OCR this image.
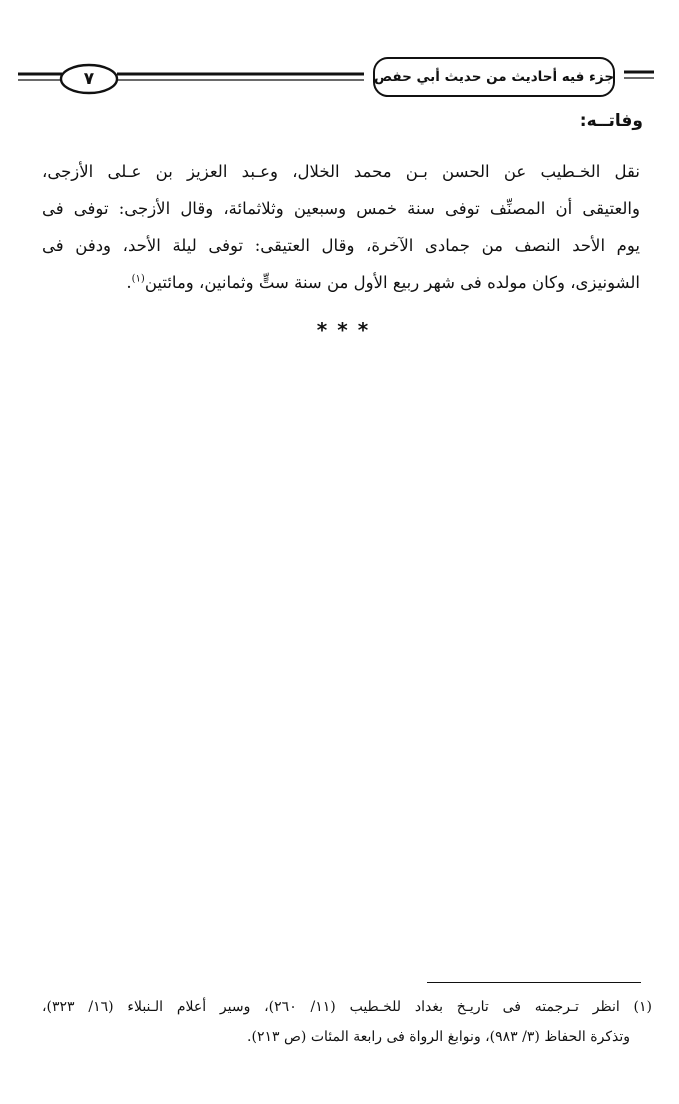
جزء فيه أحاديث من حديث أبي حفص
٧
وفاتــه:
نقل الخـطيب عن الحسن بـن محمد الخلال، وعـبد العزيز بن عـلى الأزجى،
والعتيقى أن المصنِّف توفى سنة خمس وسبعين وثلاثمائة، وقال الأزجى: توفى فى
يوم الأحد النصف من جمادى الآخرة، وقال العتيقى: توفى ليلة الأحد، ودفن فى
الشونيزى، وكان مولده فى شهر ربيع الأول من سنة ستٍّ وثمانين، ومائتين$^{(١)}$.
***
(١) انظر تـرجمته فى تاريـخ بغداد للخـطيب (١١/ ٢٦٠)، وسير أعلام الـنبلاء (١٦/ ٣٢٣)،
وتذكرة الحفاظ (٣/ ٩٨٣)، ونوابغ الرواة فى رابعة المئات (ص ٢١٣).
